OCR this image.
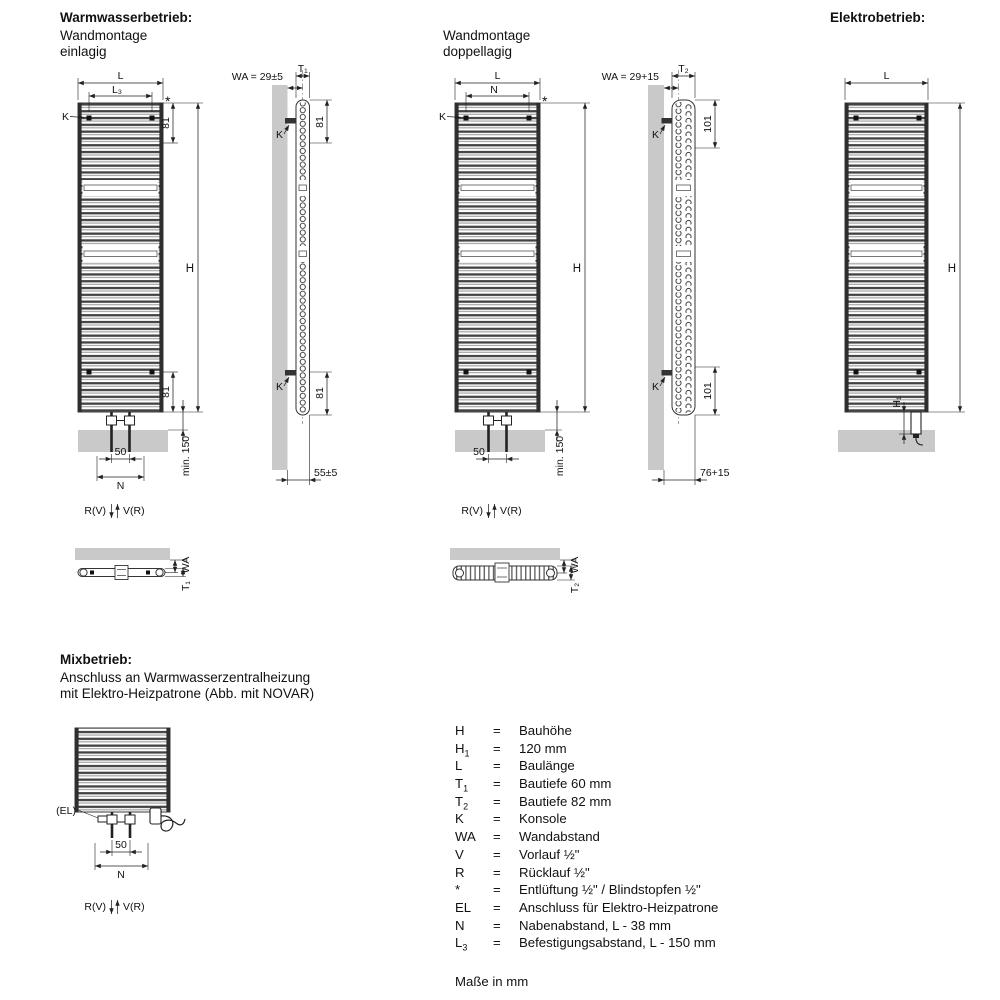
Warmwasserbetrieb:
Wandmontage
einlagig
Wandmontage
doppellagig
Elektrobetrieb:
Mixbetrieb:
Anschluss an Warmwasserzentralheizung
mit Elektro-Heizpatrone (Abb. mit NOVAR)
L
L₃
K
*
81
81
H
min. 150
50
N
R(V) V(R)
T₁
WA = 29±5
K
81
K	81
55±5
L
N
K
*
H
min. 150
50
R(V) V(R)
T₂
WA = 29+15
K
101
K	101
76+15
L
H
H₁
WA
T₁
WA
T₂
(EL)
50
N
R(V) V(R)
H	=	Bauhöhe
$H_1$	=	120 mm
L	=	Baulänge
$T_1$	=	Bautiefe 60 mm
$T_2$	=	Bautiefe 82 mm
K	=	Konsole
WA	=	Wandabstand
V	=	Vorlauf ½"
R	=	Rücklauf ½"
*	=	Entlüftung ½" / Blindstopfen ½"
EL	=	Anschluss für Elektro-Heizpatrone
N	=	Nabenabstand, L - 38 mm
$L_3$	=	Befestigungsabstand, L - 150 mm
Maße in mm
